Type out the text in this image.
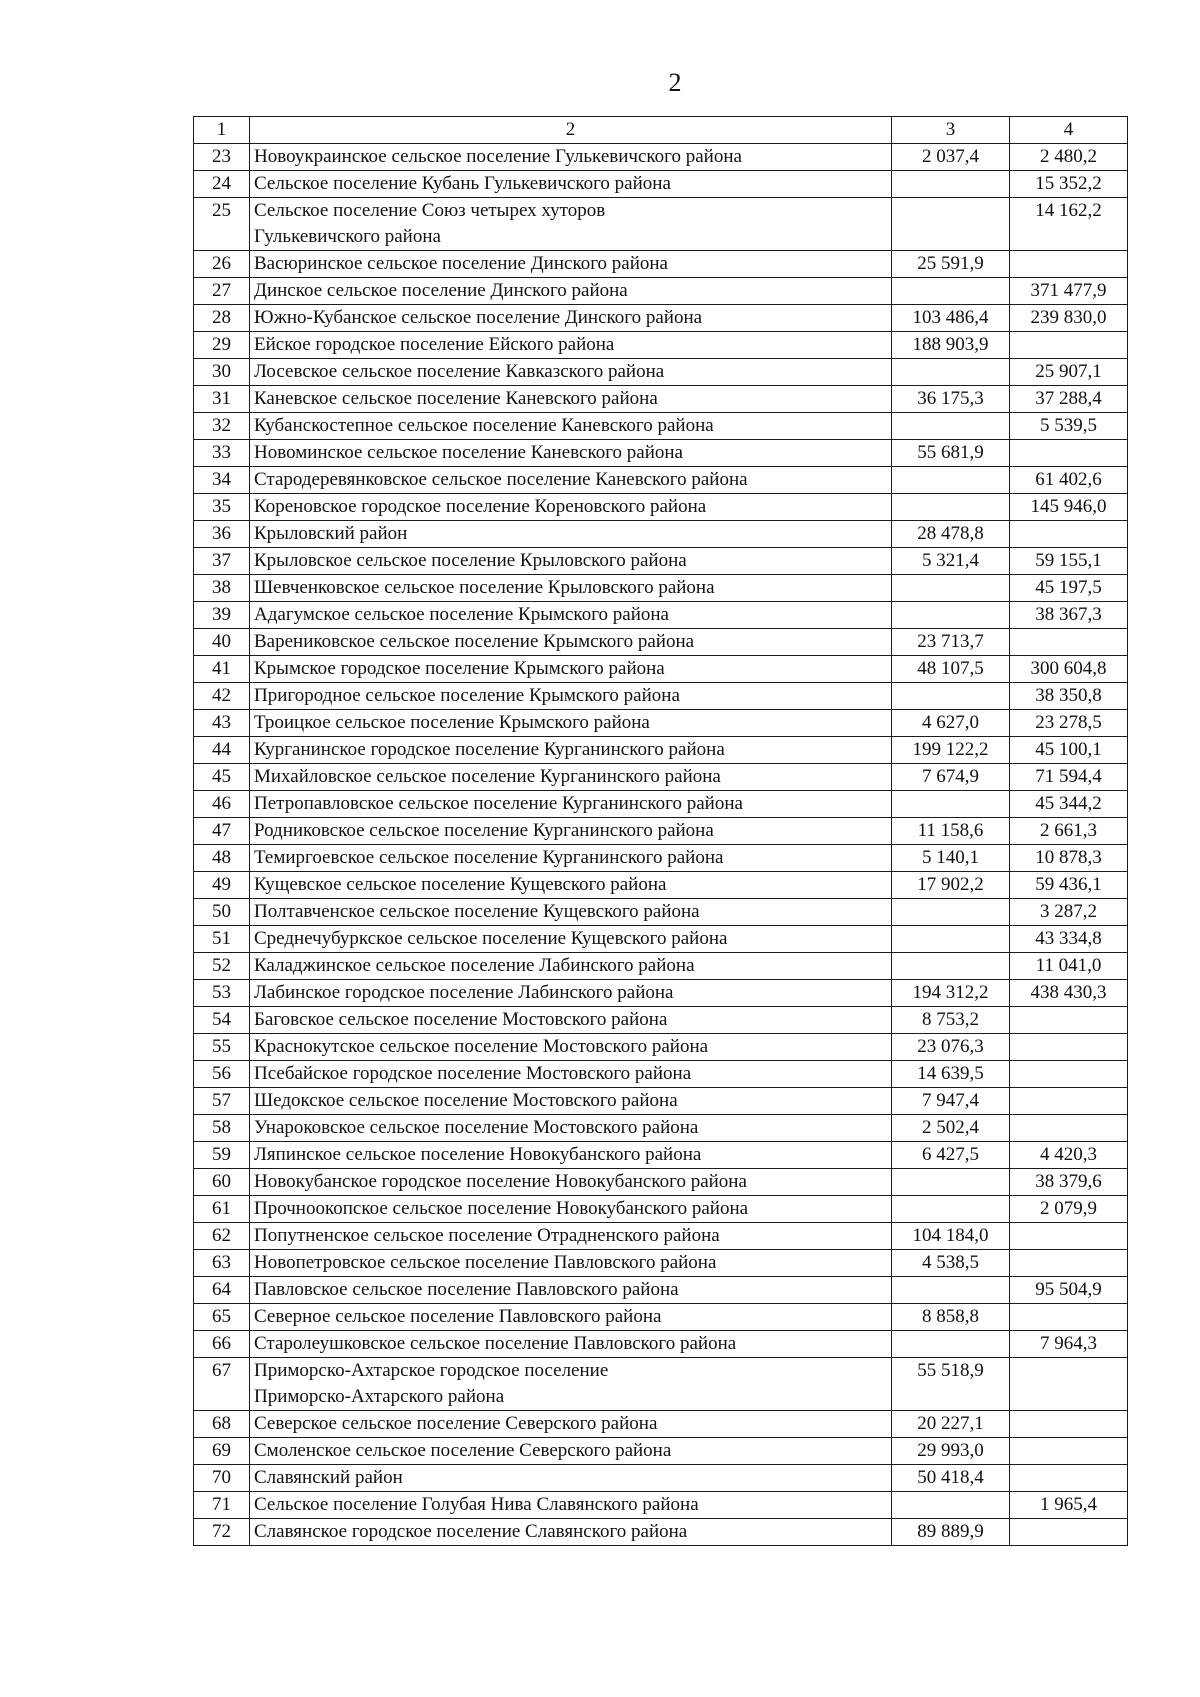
2
1	2	3	4
23	Новоукраинское сельское поселение Гулькевичского района	2 037,4	2 480,2
24	Сельское поселение Кубань Гулькевичского района		15 352,2
25	Сельское поселение Союз четырех хуторов
Гулькевичского района		14 162,2
26	Васюринское сельское поселение Динского района	25 591,9	
27	Динское сельское поселение Динского района		371 477,9
28	Южно-Кубанское сельское поселение Динского района	103 486,4	239 830,0
29	Ейское городское поселение Ейского района	188 903,9	
30	Лосевское сельское поселение Кавказского района		25 907,1
31	Каневское сельское поселение Каневского района	36 175,3	37 288,4
32	Кубанскостепное сельское поселение Каневского района		5 539,5
33	Новоминское сельское поселение Каневского района	55 681,9	
34	Стародеревянковское сельское поселение Каневского района		61 402,6
35	Кореновское городское поселение Кореновского района		145 946,0
36	Крыловский район	28 478,8	
37	Крыловское сельское поселение Крыловского района	5 321,4	59 155,1
38	Шевченковское сельское поселение Крыловского района		45 197,5
39	Адагумское сельское поселение Крымского района		38 367,3
40	Варениковское сельское поселение Крымского района	23 713,7	
41	Крымское городское поселение Крымского района	48 107,5	300 604,8
42	Пригородное сельское поселение Крымского района		38 350,8
43	Троицкое сельское поселение Крымского района	4 627,0	23 278,5
44	Курганинское городское поселение Курганинского района	199 122,2	45 100,1
45	Михайловское сельское поселение Курганинского района	7 674,9	71 594,4
46	Петропавловское сельское поселение Курганинского района		45 344,2
47	Родниковское сельское поселение Курганинского района	11 158,6	2 661,3
48	Темиргоевское сельское поселение Курганинского района	5 140,1	10 878,3
49	Кущевское сельское поселение Кущевского района	17 902,2	59 436,1
50	Полтавченское сельское поселение Кущевского района		3 287,2
51	Среднечубуркское сельское поселение Кущевского района		43 334,8
52	Каладжинское сельское поселение Лабинского района		11 041,0
53	Лабинское городское поселение Лабинского района	194 312,2	438 430,3
54	Баговское сельское поселение Мостовского района	8 753,2	
55	Краснокутское сельское поселение Мостовского района	23 076,3	
56	Псебайское городское поселение Мостовского района	14 639,5	
57	Шедокское сельское поселение Мостовского района	7 947,4	
58	Унароковское сельское поселение Мостовского района	2 502,4	
59	Ляпинское сельское поселение Новокубанского района	6 427,5	4 420,3
60	Новокубанское городское поселение Новокубанского района		38 379,6
61	Прочноокопское сельское поселение Новокубанского района		2 079,9
62	Попутненское сельское поселение Отрадненского района	104 184,0	
63	Новопетровское сельское поселение Павловского района	4 538,5	
64	Павловское сельское поселение Павловского района		95 504,9
65	Северное сельское поселение Павловского района	8 858,8	
66	Старолеушковское сельское поселение Павловского района		7 964,3
67	Приморско-Ахтарское городское поселение
Приморско-Ахтарского района	55 518,9	
68	Северское сельское поселение Северского района	20 227,1	
69	Смоленское сельское поселение Северского района	29 993,0	
70	Славянский район	50 418,4	
71	Сельское поселение Голубая Нива Славянского района		1 965,4
72	Славянское городское поселение Славянского района	89 889,9	
